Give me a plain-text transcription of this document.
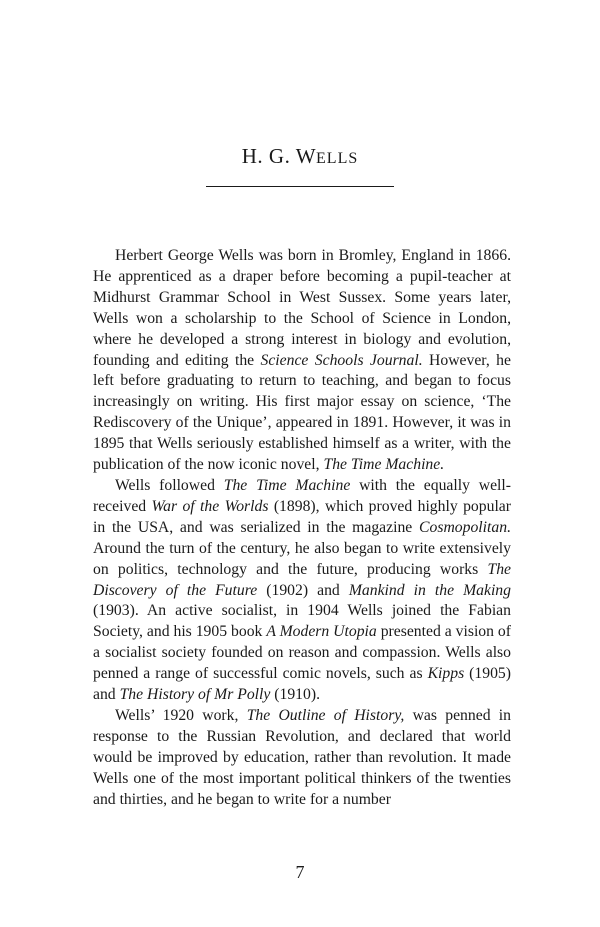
H. G. WELLS

Herbert George Wells was born in Bromley, England in 1866. He apprenticed as a draper before becoming a pupil-teacher at Midhurst Grammar School in West Sussex. Some years later, Wells won a scholarship to the School of Science in London, where he developed a strong interest in biology and evolution, founding and editing the Science Schools Journal. However, he left before graduating to return to teaching, and began to focus increasingly on writing. His first major essay on science, ‘The Rediscovery of the Unique’, appeared in 1891. However, it was in 1895 that Wells seriously established himself as a writer, with the publication of the now iconic novel, The Time Machine.

Wells followed The Time Machine with the equally well-received War of the Worlds (1898), which proved highly popular in the USA, and was serialized in the magazine Cosmopolitan. Around the turn of the century, he also began to write extensively on politics, technology and the future, producing works The Discovery of the Future (1902) and Mankind in the Making (1903). An active socialist, in 1904 Wells joined the Fabian Society, and his 1905 book A Modern Utopia presented a vision of a socialist society founded on reason and compassion. Wells also penned a range of successful comic novels, such as Kipps (1905) and The History of Mr Polly (1910).

Wells’ 1920 work, The Outline of History, was penned in response to the Russian Revolution, and declared that world would be improved by education, rather than revolution. It made Wells one of the most important political thinkers of the twenties and thirties, and he began to write for a number

7
